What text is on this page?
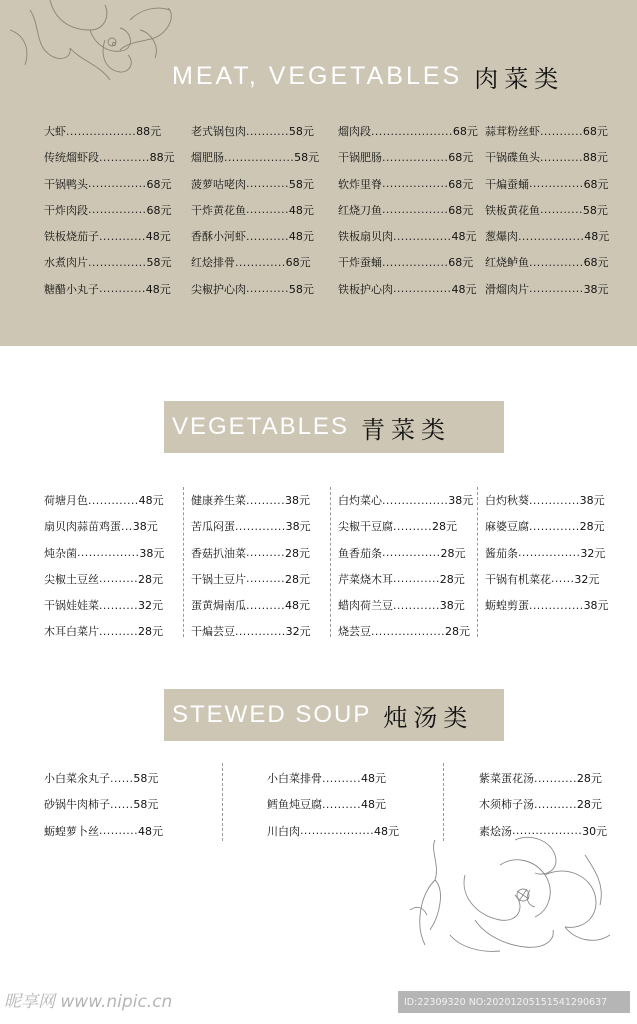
MEAT, VEGETABLES 肉菜类
大虾 .................. 88元
传统熘虾段 ............. 88元
干锅鸭头 ............... 68元
干炸肉段 ............... 68元
铁板烧茄子 ............ 48元
水煮肉片 ............... 58元
糖醋小丸子 ............ 48元
老式锅包肉 ........... 58元
熘肥肠 .................. 58元
菠萝咕咾肉 ........... 58元
干炸黄花鱼 ........... 48元
香酥小河虾 ........... 48元
红烩排骨 ............. 68元
尖椒护心肉 ........... 58元
熘肉段 ..................... 68元
干锅肥肠 ................. 68元
软炸里脊 ................. 68元
红烧刀鱼 ................. 68元
铁板扇贝肉 ............... 48元
干炸蚕蛹 ................. 68元
铁板护心肉 ............... 48元
蒜茸粉丝虾 ........... 68元
干锅碟鱼头 ........... 88元
干煸蚕蛹 .............. 68元
铁板黄花鱼 ........... 58元
葱爆肉 ................. 48元
红烧鲈鱼 .............. 68元
滑熘肉片 .............. 38元
VEGETABLES 青菜类
荷塘月色 ............. 48元
扇贝肉蒜苗鸡蛋 ... 38元
炖杂菌 ................ 38元
尖椒土豆丝 .......... 28元
干锅娃娃菜 .......... 32元
木耳白菜片 .......... 28元
健康养生菜 .......... 38元
苦瓜闷蛋 ............. 38元
香菇扒油菜 .......... 28元
干锅土豆片 .......... 28元
蛋黄焗南瓜 .......... 48元
干煸芸豆 ............. 32元
白灼菜心 ................. 38元
尖椒干豆腐 .......... 28元
鱼香茄条 ............... 28元
芹菜烧木耳 ............ 28元
蜡肉荷兰豆 ............ 38元
烧芸豆 ................... 28元
白灼秋葵 ............. 38元
麻婆豆腐 ............. 28元
酱茄条 ................ 32元
干锅有机菜花 ...... 32元
蛎蝗剪蛋 .............. 38元
STEWED SOUP 炖汤类
小白菜氽丸子 ...... 58元
砂锅牛肉柿子 ...... 58元
蛎蝗萝卜丝 .......... 48元
小白菜排骨 .......... 48元
鳕鱼炖豆腐 .......... 48元
川白肉 ................... 48元
紫菜蛋花汤 ........... 28元
木须柿子汤 ........... 28元
素烩汤 .................. 30元
昵享网 www.nipic.cn	ID:22309320 NO:20201205151541290637
